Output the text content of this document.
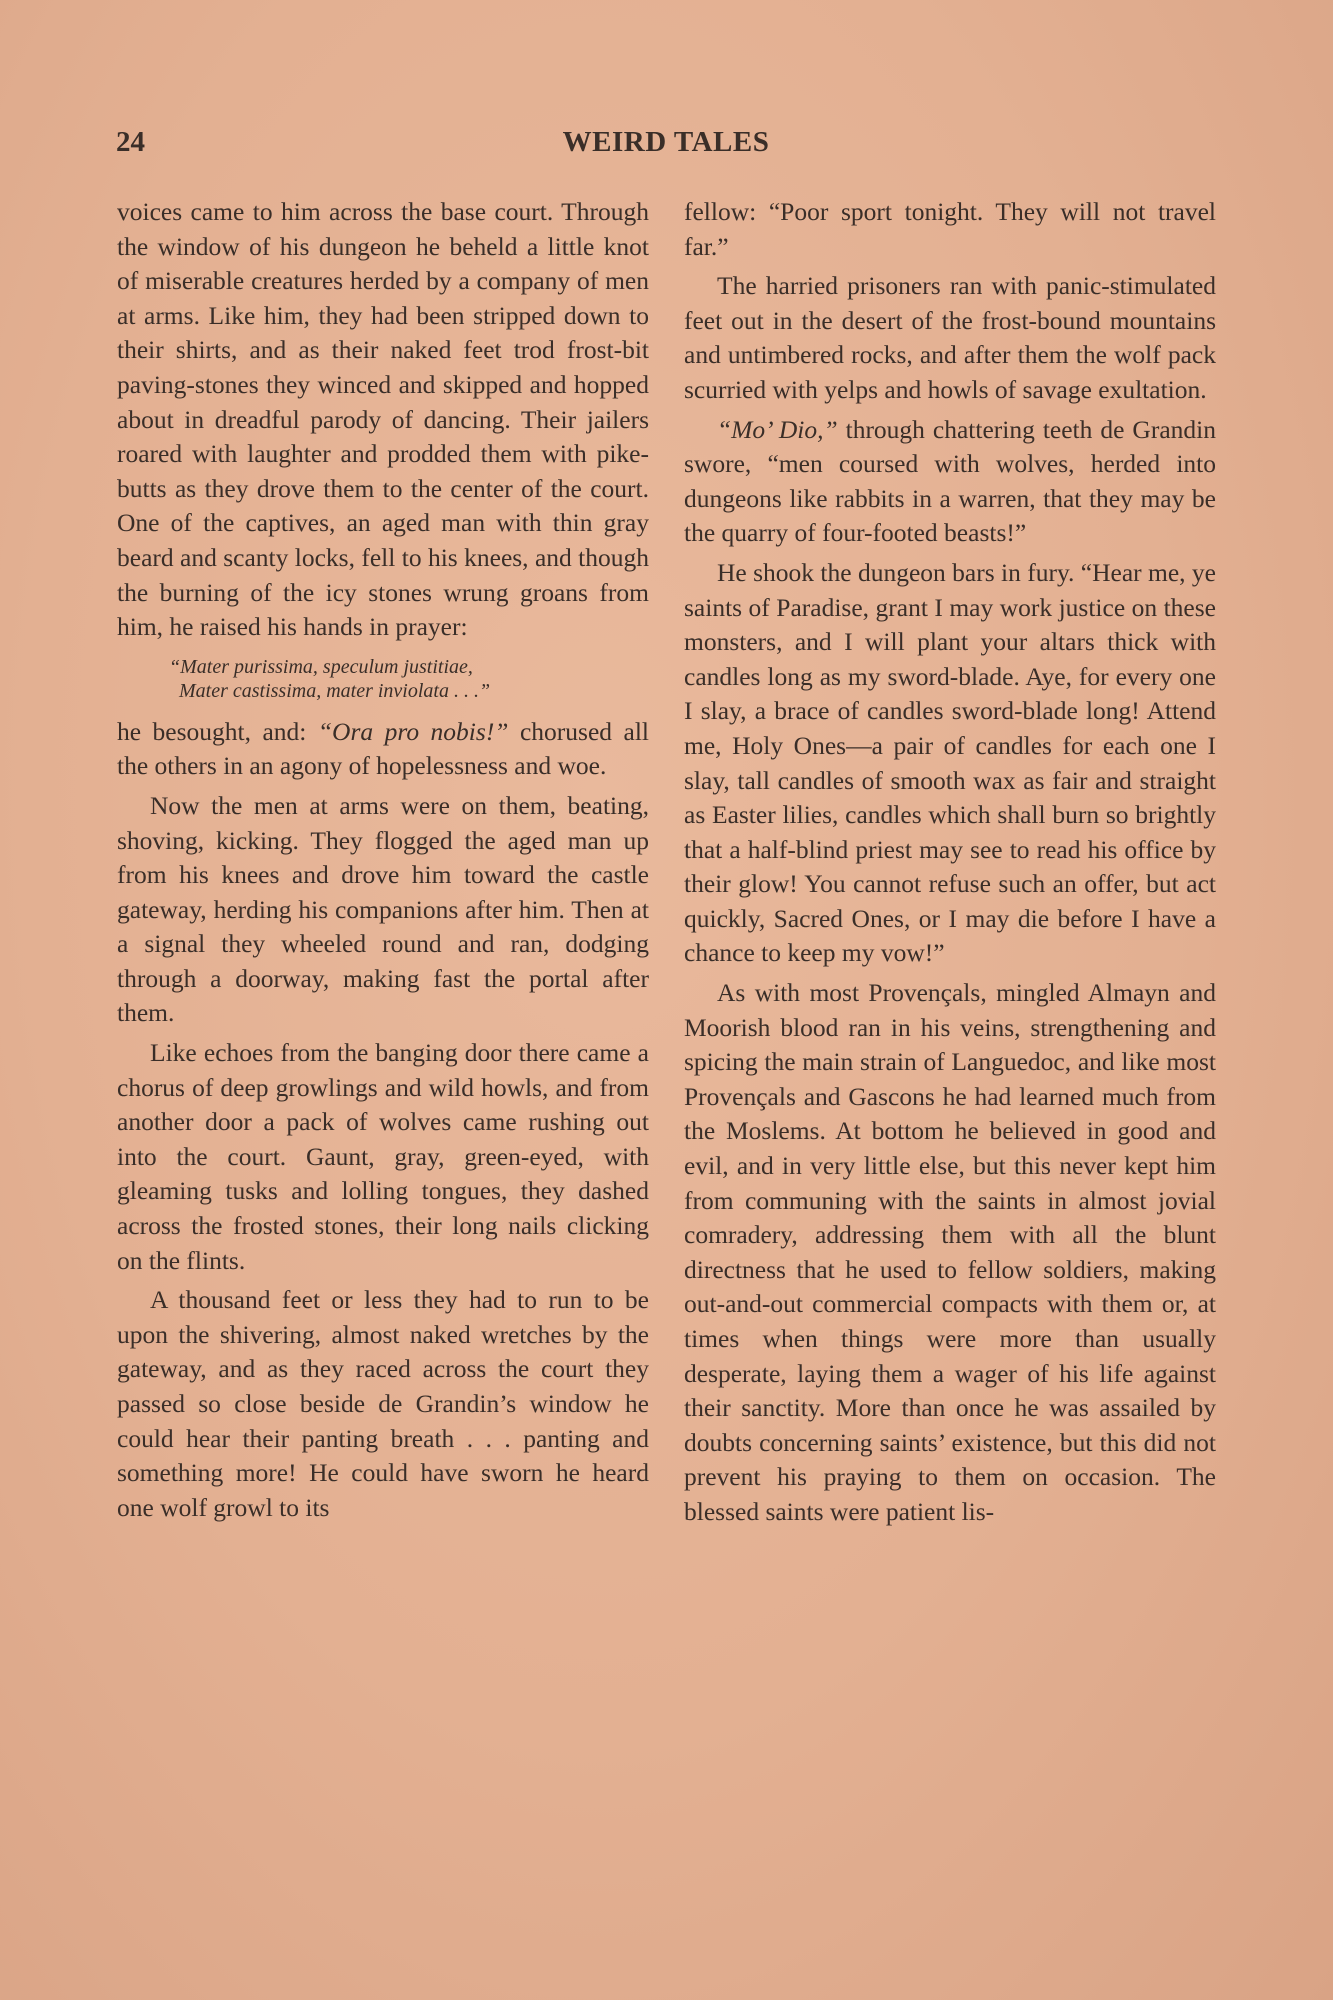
24	WEIRD TALES

voices came to him across the base court. Through the window of his dungeon he beheld a little knot of miserable creatures herded by a company of men at arms. Like him, they had been stripped down to their shirts, and as their naked feet trod frost-bit paving-stones they winced and skipped and hopped about in dreadful parody of dancing. Their jailers roared with laughter and prodded them with pike-butts as they drove them to the center of the court. One of the captives, an aged man with thin gray beard and scanty locks, fell to his knees, and though the burning of the icy stones wrung groans from him, he raised his hands in prayer:

“Mater purissima, speculum justitiae,
Mater castissima, mater inviolata . . .”

he besought, and: “Ora pro nobis!” chorused all the others in an agony of hopelessness and woe.

Now the men at arms were on them, beating, shoving, kicking. They flogged the aged man up from his knees and drove him toward the castle gateway, herding his companions after him. Then at a signal they wheeled round and ran, dodging through a doorway, making fast the portal after them.

Like echoes from the banging door there came a chorus of deep growlings and wild howls, and from another door a pack of wolves came rushing out into the court. Gaunt, gray, green-eyed, with gleaming tusks and lolling tongues, they dashed across the frosted stones, their long nails clicking on the flints.

A thousand feet or less they had to run to be upon the shivering, almost naked wretches by the gateway, and as they raced across the court they passed so close beside de Grandin’s window he could hear their panting breath . . . panting and something more! He could have sworn he heard one wolf growl to its

fellow: “Poor sport tonight. They will not travel far.”

The harried prisoners ran with panic-stimulated feet out in the desert of the frost-bound mountains and untimbered rocks, and after them the wolf pack scurried with yelps and howls of savage exultation.

“Mo’ Dio,” through chattering teeth de Grandin swore, “men coursed with wolves, herded into dungeons like rabbits in a warren, that they may be the quarry of four-footed beasts!”

He shook the dungeon bars in fury. “Hear me, ye saints of Paradise, grant I may work justice on these monsters, and I will plant your altars thick with candles long as my sword-blade. Aye, for every one I slay, a brace of candles sword-blade long! Attend me, Holy Ones—a pair of candles for each one I slay, tall candles of smooth wax as fair and straight as Easter lilies, candles which shall burn so brightly that a half-blind priest may see to read his office by their glow! You cannot refuse such an offer, but act quickly, Sacred Ones, or I may die before I have a chance to keep my vow!”

As with most Provençals, mingled Almayn and Moorish blood ran in his veins, strengthening and spicing the main strain of Languedoc, and like most Provençals and Gascons he had learned much from the Moslems. At bottom he believed in good and evil, and in very little else, but this never kept him from communing with the saints in almost jovial comradery, addressing them with all the blunt directness that he used to fellow soldiers, making out-and-out commercial compacts with them or, at times when things were more than usually desperate, laying them a wager of his life against their sanctity. More than once he was assailed by doubts concerning saints’ existence, but this did not prevent his praying to them on occasion. The blessed saints were patient lis-
